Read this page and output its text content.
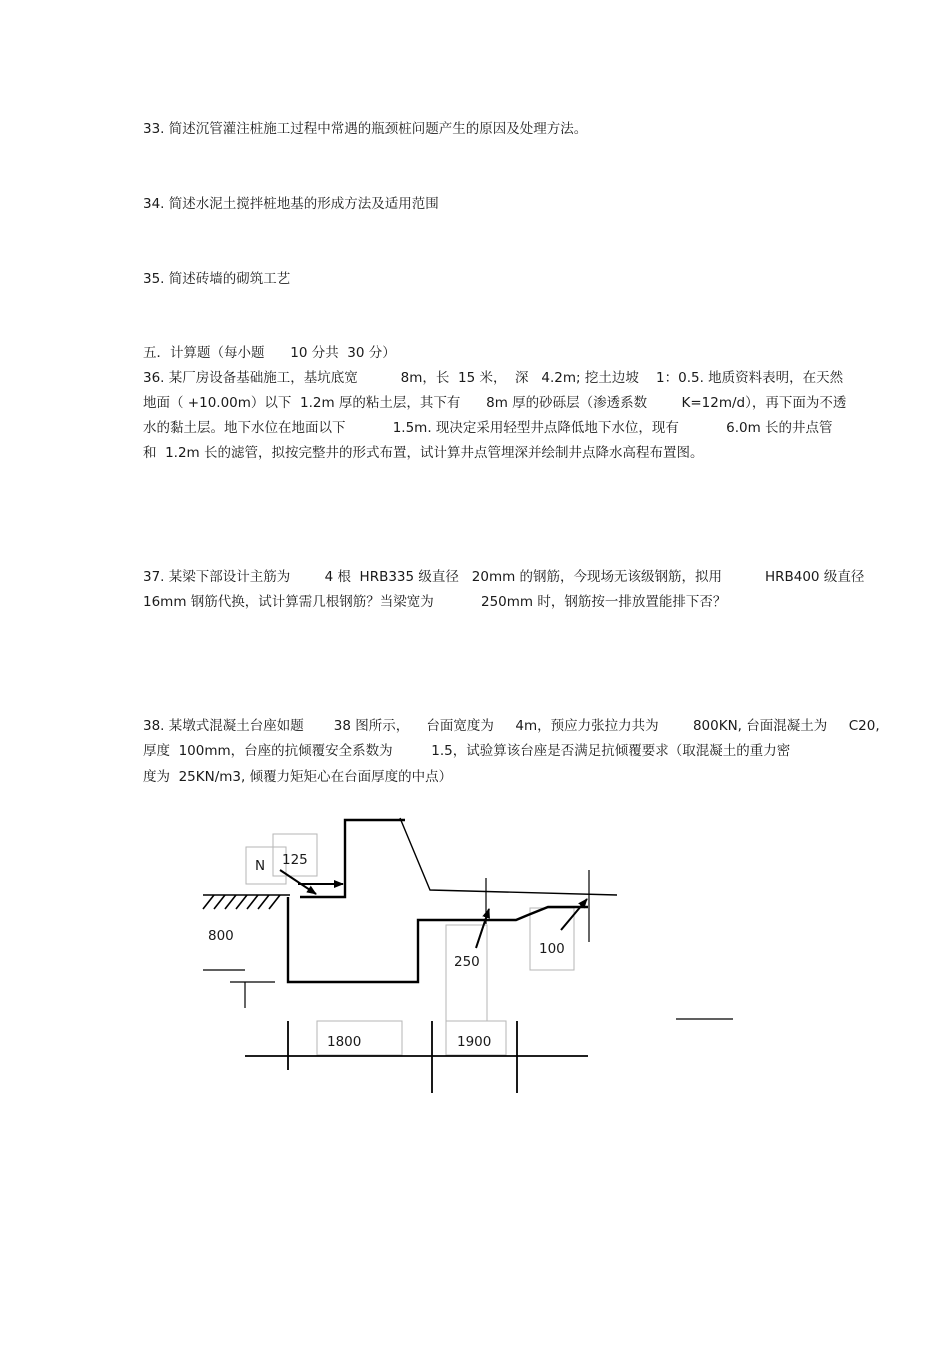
33. 简述沉管灌注桩施工过程中常遇的瓶颈桩问题产生的原因及处理方法。
34. 简述水泥土搅拌桩地基的形成方法及适用范围
35. 简述砖墙的砌筑工艺
五．计算题（每小题      10 分共  30 分）
36. 某厂房设备基础施工，基坑底宽          8m，长  15 米，  深   4.2m; 挖土边坡    1：0.5. 地质资料表明，在天然
地面（ +10.00m）以下  1.2m 厚的粘土层，其下有      8m 厚的砂砾层（渗透系数        K=12m/d），再下面为不透
水的黏土层。地下水位在地面以下           1.5m. 现决定采用轻型井点降低地下水位，现有           6.0m 长的井点管
和  1.2m 长的滤管，拟按完整井的形式布置，试计算井点管埋深并绘制井点降水高程布置图。
37. 某梁下部设计主筋为        4 根  HRB335 级直径   20mm 的钢筋，今现场无该级钢筋，拟用          HRB400 级直径
16mm 钢筋代换，试计算需几根钢筋？当梁宽为           250mm 时，钢筋按一排放置能排下否？
38. 某墩式混凝土台座如题       38 图所示，    台面宽度为     4m，预应力张拉力共为        800KN, 台面混凝土为     C20,
厚度  100mm，台座的抗倾覆安全系数为         1.5，试验算该台座是否满足抗倾覆要求（取混凝土的重力密
度为  25KN/m3, 倾覆力矩矩心在台面厚度的中点）
N 125
800
250
100
1800	1900
